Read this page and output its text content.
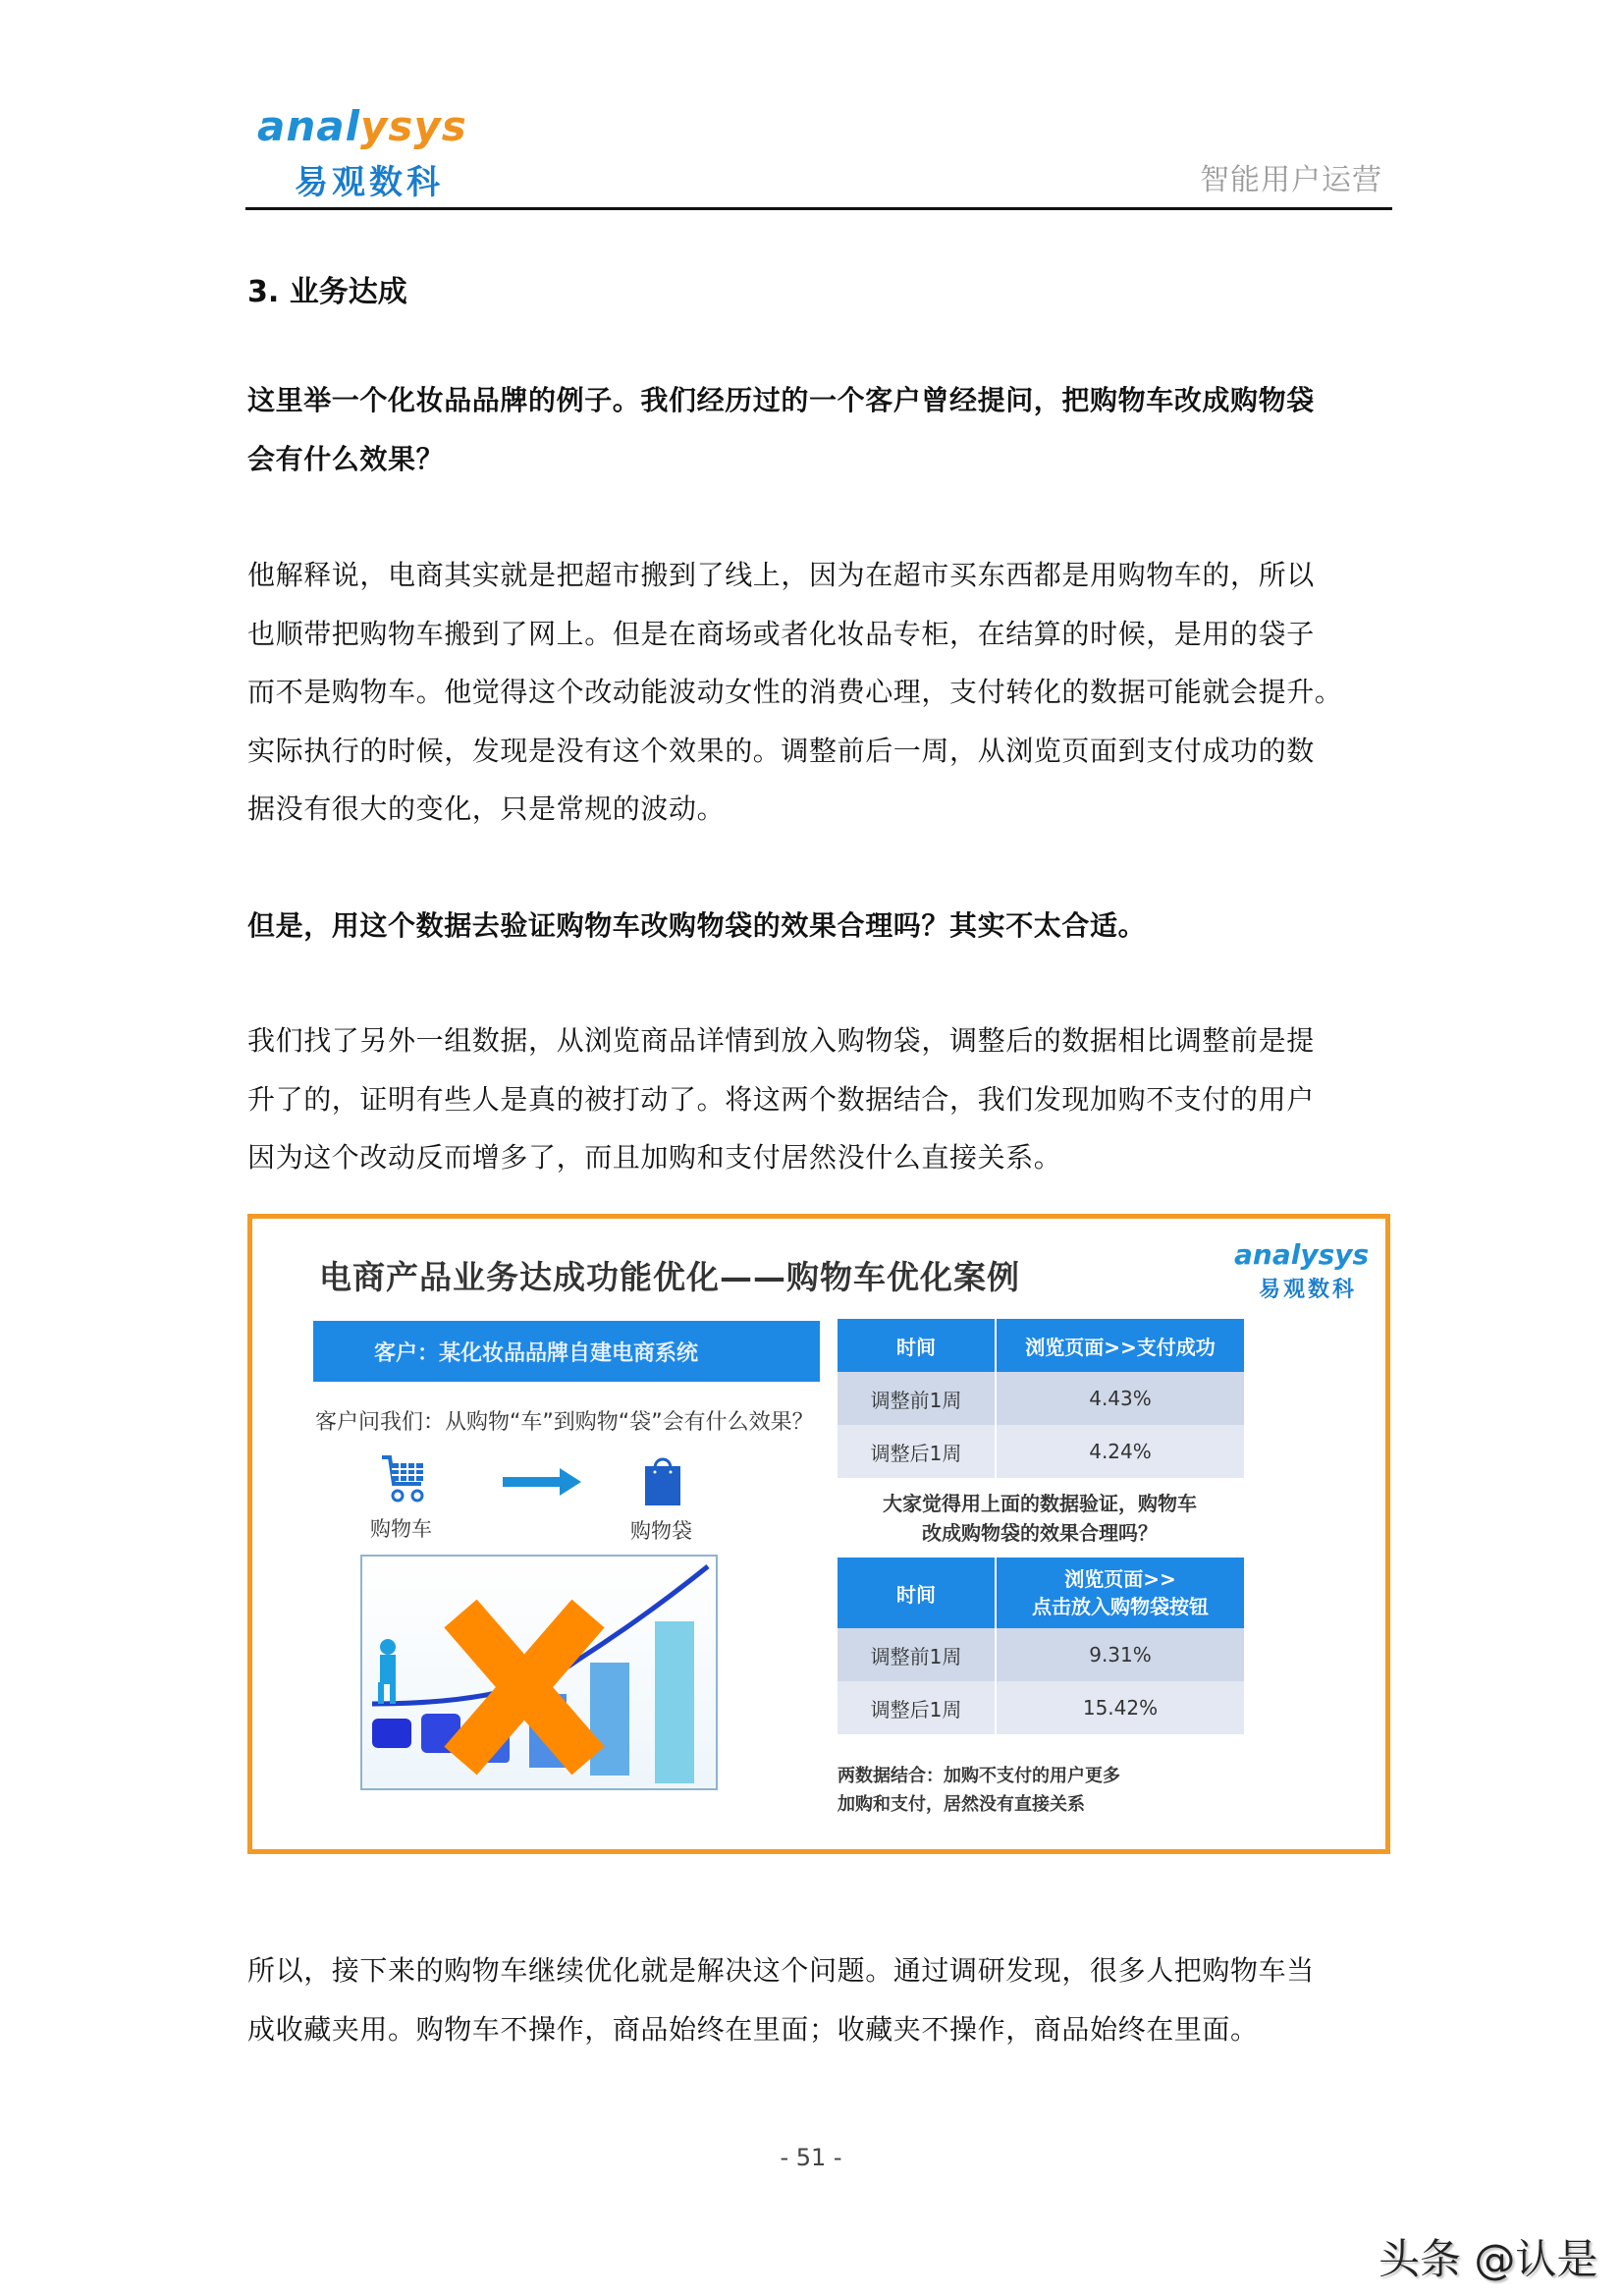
analysys
易观数科	智能用户运营
3. 业务达成
这里举一个化妆品品牌的例子。我们经历过的一个客户曾经提问，把购物车改成购物袋
会有什么效果？
他解释说，电商其实就是把超市搬到了线上，因为在超市买东西都是用购物车的，所以
也顺带把购物车搬到了网上。但是在商场或者化妆品专柜，在结算的时候，是用的袋子
而不是购物车。他觉得这个改动能波动女性的消费心理，支付转化的数据可能就会提升。
实际执行的时候，发现是没有这个效果的。调整前后一周，从浏览页面到支付成功的数
据没有很大的变化，只是常规的波动。
但是，用这个数据去验证购物车改购物袋的效果合理吗？其实不太合适。
我们找了另外一组数据，从浏览商品详情到放入购物袋，调整后的数据相比调整前是提
升了的，证明有些人是真的被打动了。将这两个数据结合，我们发现加购不支付的用户
因为这个改动反而增多了，而且加购和支付居然没什么直接关系。
电商产品业务达成功能优化——购物车优化案例
analysys
易观数科
客户：某化妆品品牌自建电商系统
客户问我们：从购物“车”到购物“袋”会有什么效果？
购物车	购物袋
时间	浏览页面>>支付成功
调整前1周	4.43%
调整后1周	4.24%
大家觉得用上面的数据验证，购物车
改成购物袋的效果合理吗？
时间	浏览页面>>
点击放入购物袋按钮

调整前1周	9.31%
调整后1周	15.42%
两数据结合：加购不支付的用户更多
加购和支付，居然没有直接关系
所以，接下来的购物车继续优化就是解决这个问题。通过调研发现，很多人把购物车当
成收藏夹用。购物车不操作，商品始终在里面；收藏夹不操作，商品始终在里面。
- 51 -
头条 @认是
